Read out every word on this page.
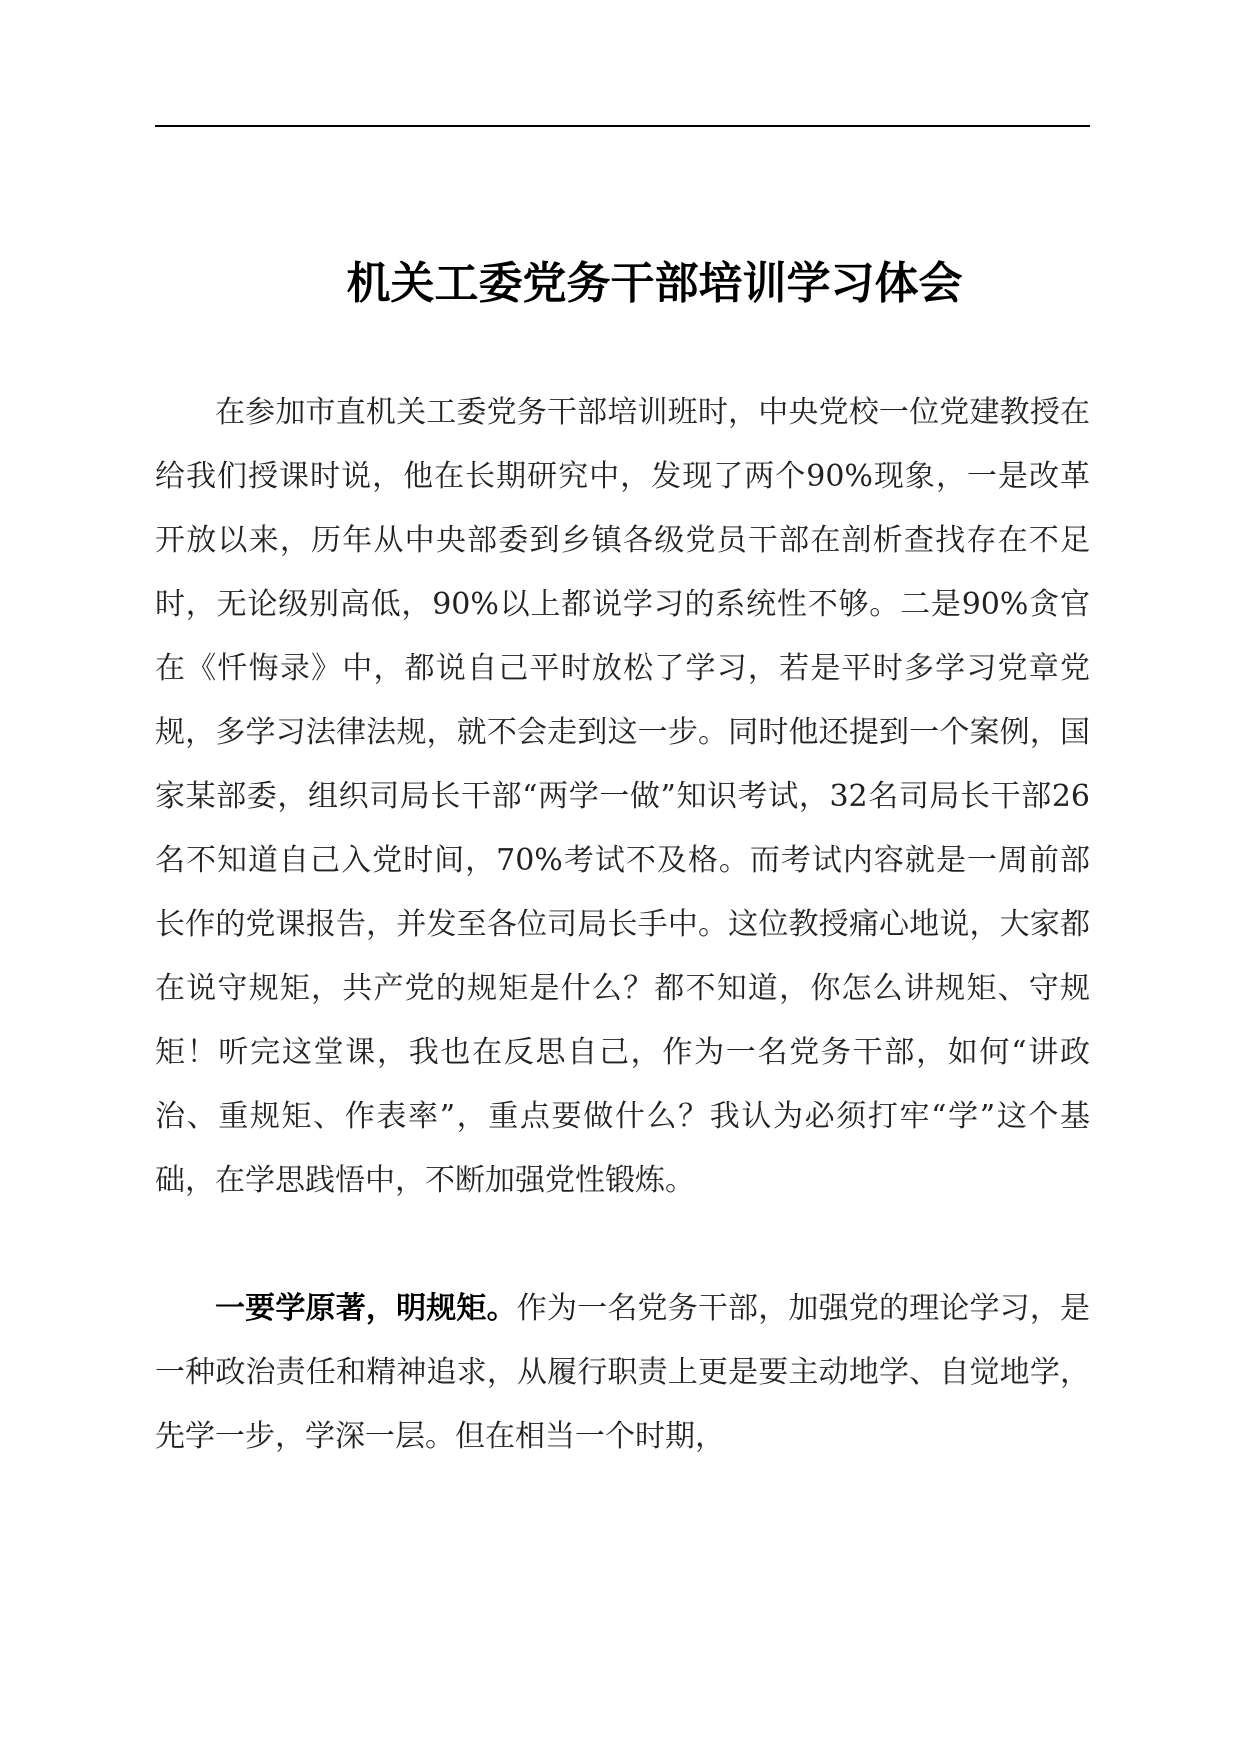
机关工委党务干部培训学习体会

在参加市直机关工委党务干部培训班时，中央党校一位党建教授在给我们授课时说，他在长期研究中，发现了两个90%现象，一是改革开放以来，历年从中央部委到乡镇各级党员干部在剖析查找存在不足时，无论级别高低，90%以上都说学习的系统性不够。二是90%贪官在《忏悔录》中，都说自己平时放松了学习，若是平时多学习党章党规，多学习法律法规，就不会走到这一步。同时他还提到一个案例，国家某部委，组织司局长干部“两学一做”知识考试，32名司局长干部26名不知道自己入党时间，70%考试不及格。而考试内容就是一周前部长作的党课报告，并发至各位司局长手中。这位教授痛心地说，大家都在说守规矩，共产党的规矩是什么？都不知道，你怎么讲规矩、守规矩！听完这堂课，我也在反思自己，作为一名党务干部，如何“讲政治、重规矩、作表率”，重点要做什么？我认为必须打牢“学”这个基础，在学思践悟中，不断加强党性锻炼。

一要学原著，明规矩。作为一名党务干部，加强党的理论学习，是一种政治责任和精神追求，从履行职责上更是要主动地学、自觉地学，先学一步，学深一层。但在相当一个时期，
